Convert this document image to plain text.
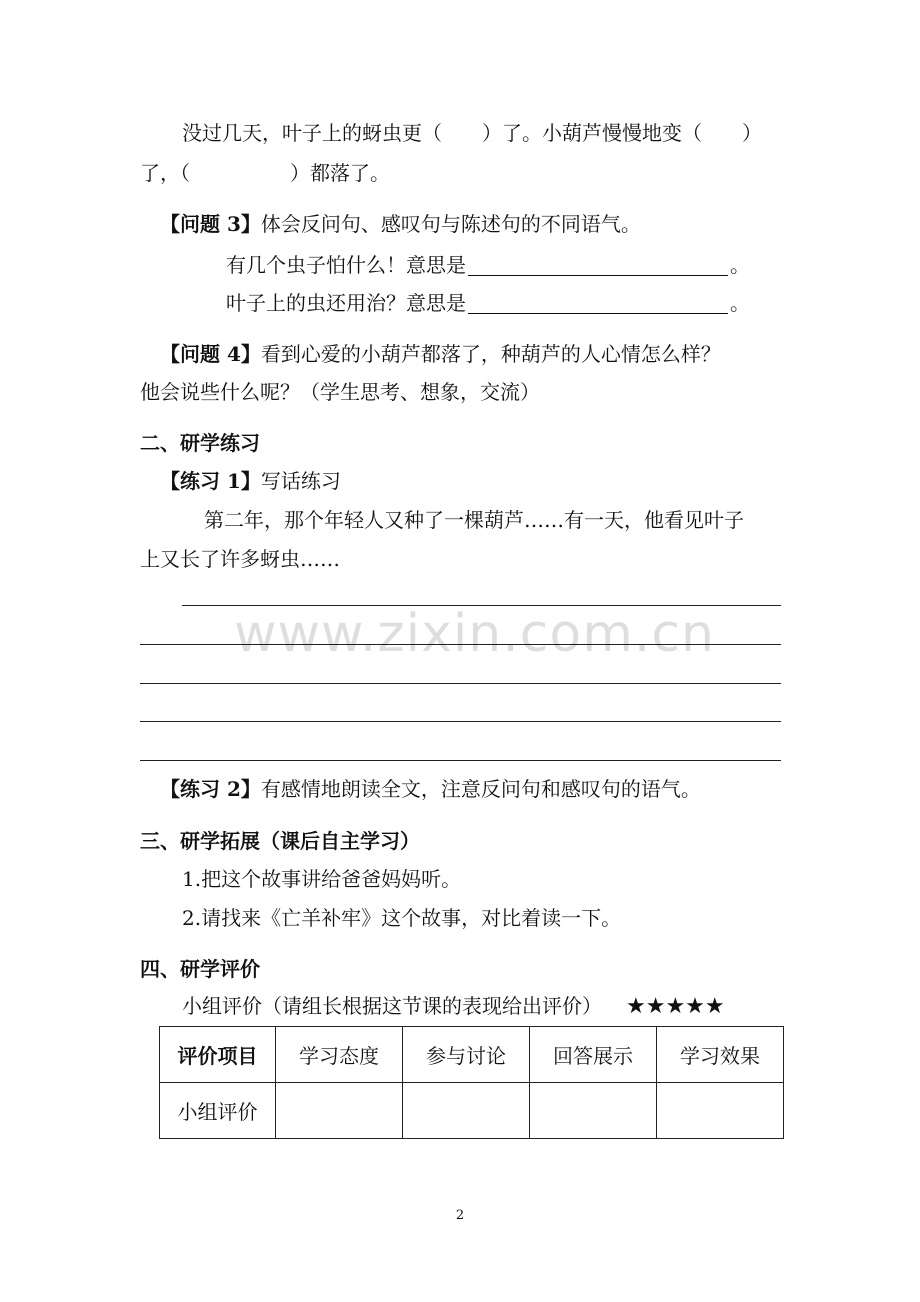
没过几天，叶子上的蚜虫更（　　）了。小葫芦慢慢地变（　　）
了，（　　　　　）都落了。
【问题 3】体会反问句、感叹句与陈述句的不同语气。
有几个虫子怕什么！意思是	。
叶子上的虫还用治？意思是	。
【问题 4】看到心爱的小葫芦都落了，种葫芦的人心情怎么样？
他会说些什么呢？（学生思考、想象，交流）
二、研学练习
【练习 1】写话练习
第二年，那个年轻人又种了一棵葫芦……有一天，他看见叶子
上又长了许多蚜虫……
www.zixin.com.cn
【练习 2】有感情地朗读全文，注意反问句和感叹句的语气。
三、研学拓展（课后自主学习）
1.把这个故事讲给爸爸妈妈听。
2.请找来《亡羊补牢》这个故事，对比着读一下。
四、研学评价
小组评价（请组长根据这节课的表现给出评价） ★★★★★
评价项目	学习态度	参与讨论	回答展示	学习效果
小组评价				
2
